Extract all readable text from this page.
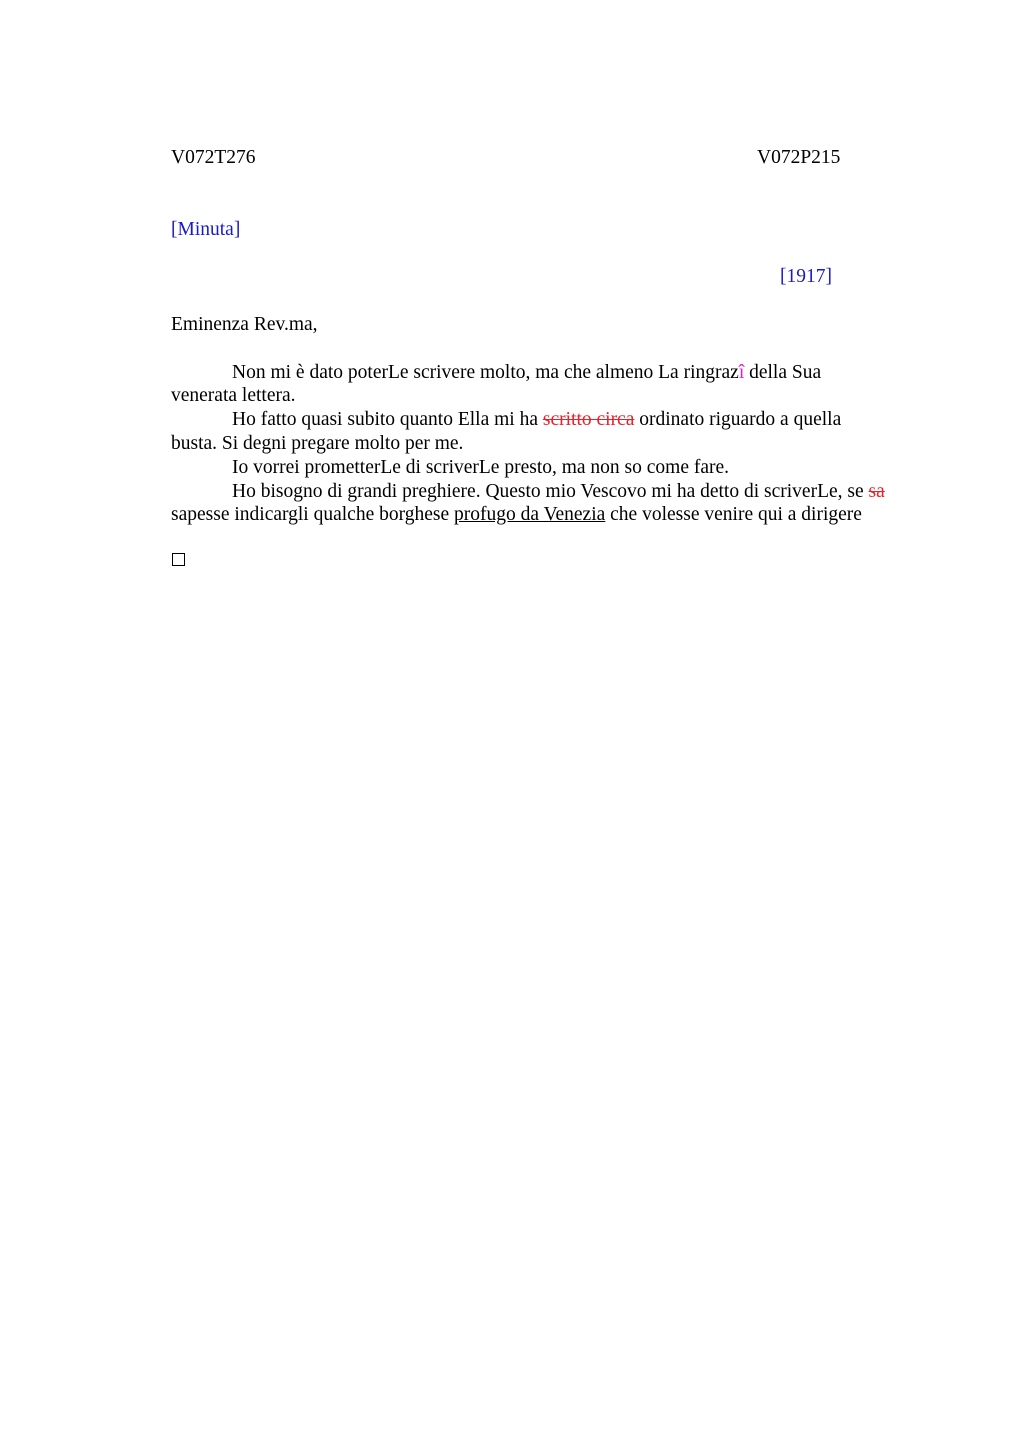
V072T276	V072P215
[Minuta]
[1917]
Eminenza Rev.ma,
Non mi è dato poterLe scrivere molto, ma che almeno La ringrazî della Sua
venerata lettera.
Ho fatto quasi subito quanto Ella mi ha scritto circa ordinato riguardo a quella
busta. Si degni pregare molto per me.
Io vorrei prometterLe di scriverLe presto, ma non so come fare.
Ho bisogno di grandi preghiere. Questo mio Vescovo mi ha detto di scriverLe, se sa
sapesse indicargli qualche borghese profugo da Venezia che volesse venire qui a dirigere
